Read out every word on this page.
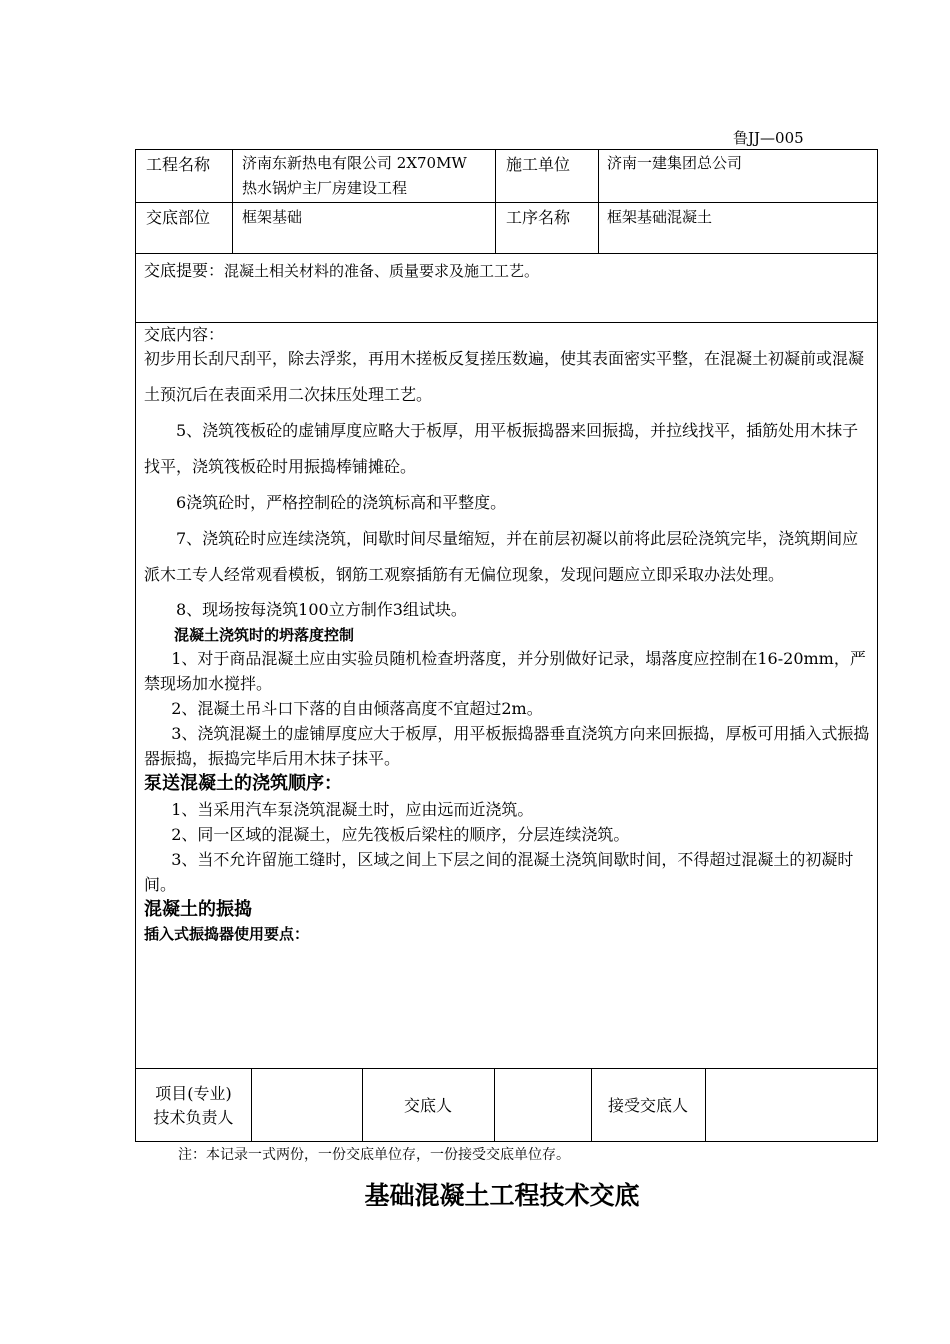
鲁JJ—005
工程名称 济南东新热电有限公司 2X70MW
热水锅炉主厂房建设工程
施工单位 济南一建集团总公司
交底部位 框架基础	工序名称 框架基础混凝土
交底提要：混凝土相关材料的准备、质量要求及施工工艺。

交底内容：

初步用长刮尺刮平，除去浮浆，再用木搓板反复搓压数遍，使其表面密实平整，在混凝土初凝前或混凝土预沉后在表面采用二次抹压处理工艺。

5、浇筑筏板砼的虚铺厚度应略大于板厚，用平板振捣器来回振捣，并拉线找平，插筋处用木抹子找平，浇筑筏板砼时用振捣棒铺摊砼。

6浇筑砼时，严格控制砼的浇筑标高和平整度。

7、浇筑砼时应连续浇筑，间歇时间尽量缩短，并在前层初凝以前将此层砼浇筑完毕，浇筑期间应派木工专人经常观看模板，钢筋工观察插筋有无偏位现象，发现问题应立即采取办法处理。

8、现场按每浇筑100立方制作3组试块。

混凝土浇筑时的坍落度控制

1、对于商品混凝土应由实验员随机检查坍落度，并分别做好记录，塌落度应控制在16-20mm，严禁现场加水搅拌。

2、混凝土吊斗口下落的自由倾落高度不宜超过2m。

3、浇筑混凝土的虚铺厚度应大于板厚，用平板振捣器垂直浇筑方向来回振捣，厚板可用插入式振捣器振捣，振捣完毕后用木抹子抹平。

泵送混凝土的浇筑顺序：

1、当采用汽车泵浇筑混凝土时，应由远而近浇筑。

2、同一区域的混凝土，应先筏板后梁柱的顺序，分层连续浇筑。

3、当不允许留施工缝时，区域之间上下层之间的混凝土浇筑间歇时间，不得超过混凝土的初凝时间。

混凝土的振捣

插入式振捣器使用要点：

项目(专业)
技术负责人
交底人	接受交底人
注：本记录一式两份，一份交底单位存，一份接受交底单位存。
基础混凝土工程技术交底
